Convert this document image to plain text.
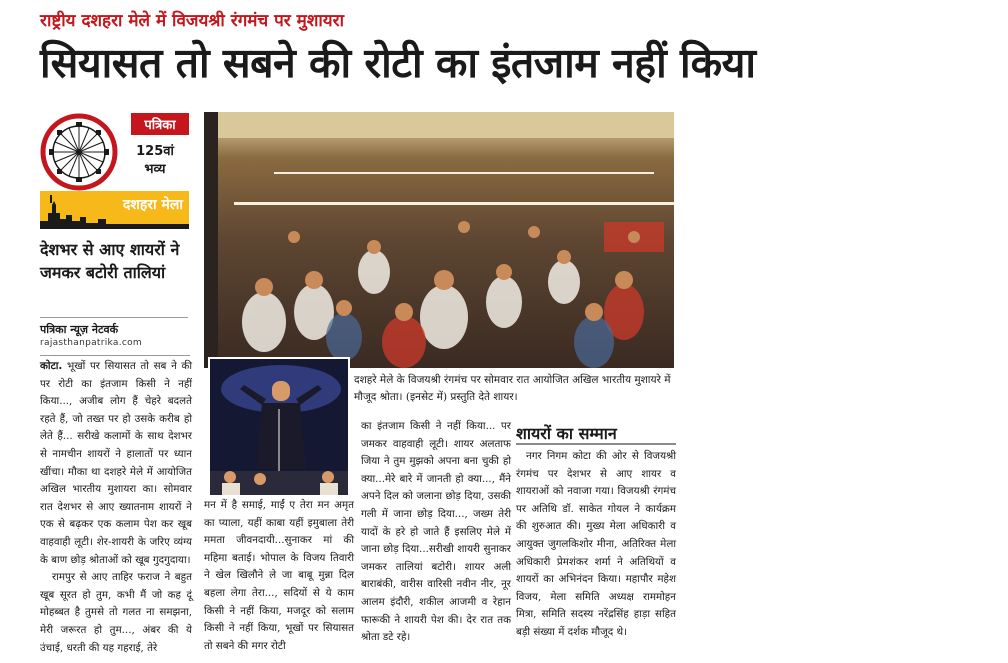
राष्ट्रीय दशहरा मेले में विजयश्री रंगमंच पर मुशायरा
सियासत तो सबने की रोटी का इंतजाम नहीं किया
पत्रिका
125वां
भव्य
दशहरा मेला
देशभर से आए शायरों ने जमकर बटोरी तालियां
पत्रिका न्यूज़ नेटवर्क
rajasthanpatrika.com

कोटा. भूखों पर सियासत तो सब ने की पर रोटी का इंतजाम किसी ने नहीं किया..., अजीब लोग हैं चेहरे बदलते रहते हैं, जो तख्त पर हो उसके करीब हो लेते हैं... सरीखे कलामों के साथ देशभर से नामचीन शायरों ने हालातों पर ध्यान खींचा। मौका था दशहरे मेले में आयोजित अखिल भारतीय मुशायरा का। सोमवार रात देशभर से आए ख्यातनाम शायरों ने एक से बढ़कर एक कलाम पेश कर खूब वाहवाही लूटी। शेर-शायरी के जरिए व्यंग्य के बाण छोड़ श्रोताओं को खूब गुदगुदाया।

रामपुर से आए ताहिर फराज ने बहुत खूब सूरत हो तुम, कभी मैं जो कह दूं मोहब्बत है तुमसे तो गलत ना समझना, मेरी जरूरत हो तुम..., अंबर की ये उंचाई, धरती की यह गहराई, तेरे

दशहरे मेले के विजयश्री रंगमंच पर सोमवार रात आयोजित अखिल भारतीय मुशायरे में मौजूद श्रोता। (इनसेट में) प्रस्तुति देते शायर।

मन में है समाई, माईं ए तेरा मन अमृत का प्याला, यहीं काबा यहीं इमुबाला तेरी ममता जीवनदायी...सुनाकर मां की महिमा बताई। भोपाल के विजय तिवारी ने खेल खिलौने ले जा बाबू मुन्ना दिल बहला लेगा तेरा..., सदियों से ये काम किसी ने नहीं किया, मजदूर को सलाम किसी ने नहीं किया, भूखों पर सियासत तो सबने की मगर रोटी

का इंतजाम किसी ने नहीं किया... पर जमकर वाहवाही लूटी। शायर अलताफ जिया ने तुम मुझको अपना बना चुकी हो क्या...मेरे बारे में जानती हो क्या..., मैंने अपने दिल को जलाना छोड़ दिया, उसकी गली में जाना छोड़ दिया..., जख्म तेरी यादों के हरे हो जाते हैं इसलिए मेले में जाना छोड़ दिया...सरीखी शायरी सुनाकर जमकर तालियां बटोरी। शायर अली बाराबंकी, वारीस वारिसी नवीन नीर, नूर आलम इंदौरी, शकील आजमी व रेहान फारूकी ने शायरी पेश की। देर रात तक श्रोता डटे रहे।

शायरों का सम्मान

नगर निगम कोटा की ओर से विजयश्री रंगमंच पर देशभर से आए शायर व शायराओं को नवाजा गया। विजयश्री रंगमंच पर अतिथि डॉ. साकेत गोयल ने कार्यक्रम की शुरुआत की। मुख्य मेला अधिकारी व आयुक्त जुगलकिशोर मीना, अतिरिक्त मेला अधिकारी प्रेमशंकर शर्मा ने अतिथियों व शायरों का अभिनंदन किया। महापौर महेश विजय, मेला समिति अध्यक्ष राममोहन मित्रा, समिति सदस्य नरेंद्रसिंह हाड़ा सहित बड़ी संख्या में दर्शक मौजूद थे।
